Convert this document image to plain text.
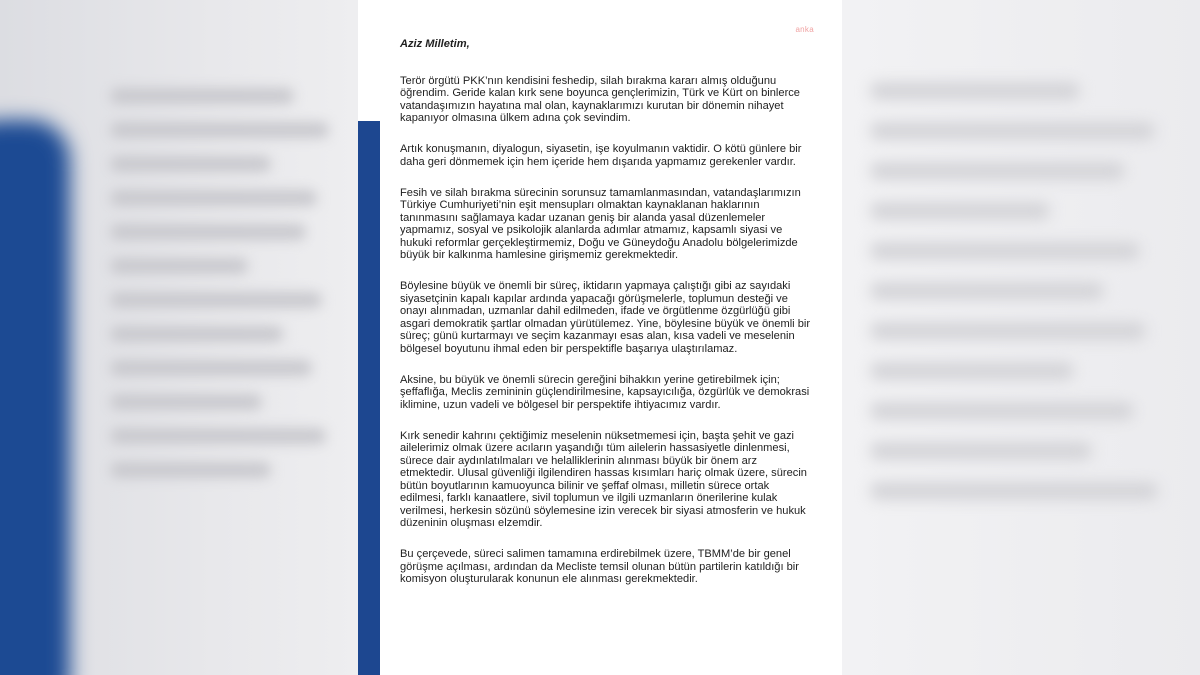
anka

Aziz Milletim,

Terör örgütü PKK’nın kendisini feshedip, silah bırakma kararı almış olduğunu öğrendim. Geride kalan kırk sene boyunca gençlerimizin, Türk ve Kürt on binlerce vatandaşımızın hayatına mal olan, kaynaklarımızı kurutan bir dönemin nihayet kapanıyor olmasına ülkem adına çok sevindim.

Artık konuşmanın, diyalogun, siyasetin, işe koyulmanın vaktidir. O kötü günlere bir daha geri dönmemek için hem içeride hem dışarıda yapmamız gerekenler vardır.

Fesih ve silah bırakma sürecinin sorunsuz tamamlanmasından, vatandaşlarımızın Türkiye Cumhuriyeti’nin eşit mensupları olmaktan kaynaklanan haklarının tanınmasını sağlamaya kadar uzanan geniş bir alanda yasal düzenlemeler yapmamız, sosyal ve psikolojik alanlarda adımlar atmamız, kapsamlı siyasi ve hukuki reformlar gerçekleştirmemiz, Doğu ve Güneydoğu Anadolu bölgelerimizde büyük bir kalkınma hamlesine girişmemiz gerekmektedir.

Böylesine büyük ve önemli bir süreç, iktidarın yapmaya çalıştığı gibi az sayıdaki siyasetçinin kapalı kapılar ardında yapacağı görüşmelerle, toplumun desteği ve onayı alınmadan, uzmanlar dahil edilmeden, ifade ve örgütlenme özgürlüğü gibi asgari demokratik şartlar olmadan yürütülemez. Yine, böylesine büyük ve önemli bir süreç; günü kurtarmayı ve seçim kazanmayı esas alan, kısa vadeli ve meselenin bölgesel boyutunu ihmal eden bir perspektifle başarıya ulaştırılamaz.

Aksine, bu büyük ve önemli sürecin gereğini bihakkın yerine getirebilmek için; şeffaflığa, Meclis zemininin güçlendirilmesine, kapsayıcılığa, özgürlük ve demokrasi iklimine, uzun vadeli ve bölgesel bir perspektife ihtiyacımız vardır.

Kırk senedir kahrını çektiğimiz meselenin nüksetmemesi için, başta şehit ve gazi ailelerimiz olmak üzere acıların yaşandığı tüm ailelerin hassasiyetle dinlenmesi, sürece dair aydınlatılmaları ve helalliklerinin alınması büyük bir önem arz etmektedir. Ulusal güvenliği ilgilendiren hassas kısımları hariç olmak üzere, sürecin bütün boyutlarının kamuoyunca bilinir ve şeffaf olması, milletin sürece ortak edilmesi, farklı kanaatlere, sivil toplumun ve ilgili uzmanların önerilerine kulak verilmesi, herkesin sözünü söylemesine izin verecek bir siyasi atmosferin ve hukuk düzeninin oluşması elzemdir.

Bu çerçevede, süreci salimen tamamına erdirebilmek üzere, TBMM’de bir genel görüşme açılması, ardından da Mecliste temsil olunan bütün partilerin katıldığı bir komisyon oluşturularak konunun ele alınması gerekmektedir.
